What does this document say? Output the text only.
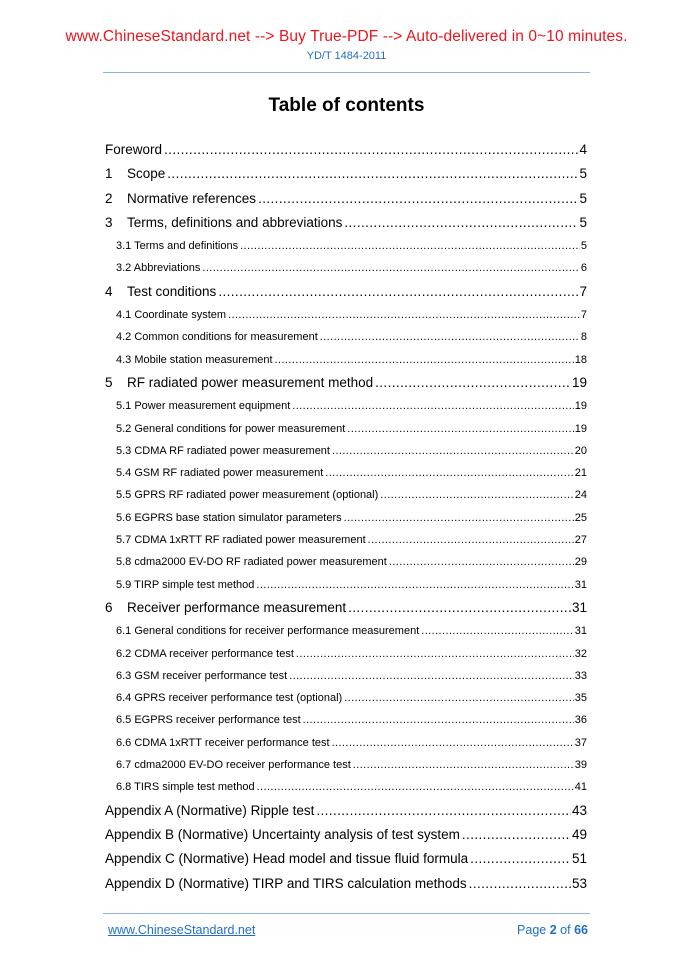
www.ChineseStandard.net --> Buy True-PDF --> Auto-delivered in 0~10 minutes.
YD/T 1484-2011
Table of contents
Foreword .....	4
1	Scope .....	5
2	Normative references .....	5
3	Terms, definitions and abbreviations .....	5
3.1 Terms and definitions .....	5
3.2 Abbreviations .....	6
4	Test conditions .....	7
4.1 Coordinate system .....	7
4.2 Common conditions for measurement .....	8
4.3 Mobile station measurement .....	18
5	RF radiated power measurement method .....	19
5.1 Power measurement equipment .....	19
5.2 General conditions for power measurement .....	19
5.3 CDMA RF radiated power measurement .....	20
5.4 GSM RF radiated power measurement .....	21
5.5 GPRS RF radiated power measurement (optional) .....	24
5.6 EGPRS base station simulator parameters .....	25
5.7 CDMA 1xRTT RF radiated power measurement .....	27
5.8 cdma2000 EV-DO RF radiated power measurement .....	29
5.9 TIRP simple test method .....	31
6	Receiver performance measurement .....	31
6.1 General conditions for receiver performance measurement .....	31
6.2 CDMA receiver performance test .....	32
6.3 GSM receiver performance test .....	33
6.4 GPRS receiver performance test (optional) .....	35
6.5 EGPRS receiver performance test .....	36
6.6 CDMA 1xRTT receiver performance test .....	37
6.7 cdma2000 EV-DO receiver performance test .....	39
6.8 TIRS simple test method .....	41
Appendix A (Normative) Ripple test .....	43
Appendix B (Normative) Uncertainty analysis of test system .....	49
Appendix C (Normative) Head model and tissue fluid formula .....	51
Appendix D (Normative) TIRP and TIRS calculation methods .....	53
www.ChineseStandard.net	Page 2 of 66
